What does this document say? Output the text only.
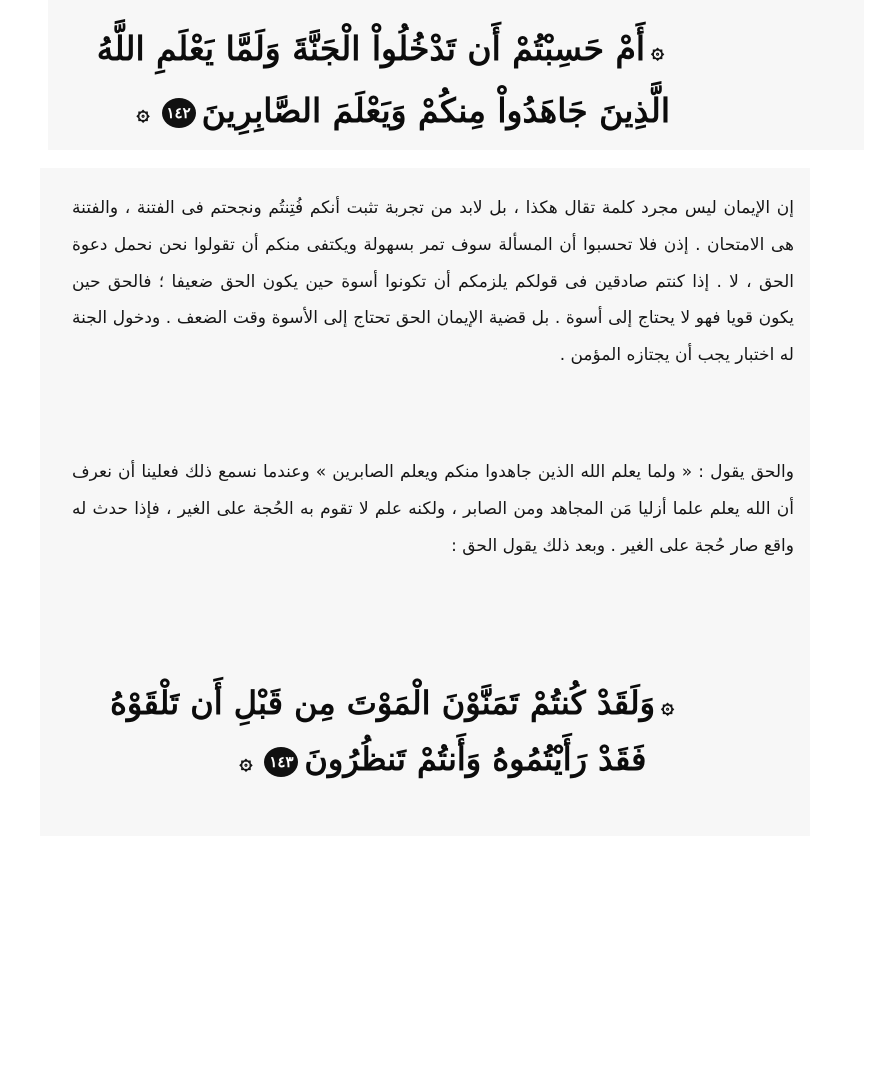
۞أَمْ حَسِبْتُمْ أَن تَدْخُلُواْ الْجَنَّةَ وَلَمَّا يَعْلَمِ اللَّهُ
الَّذِينَ جَاهَدُواْ مِنكُمْ وَيَعْلَمَ الصَّابِرِينَ١٤٢۞

إن الإيمان ليس مجرد كلمة تقال هكذا ، بل لابد من تجربة تثبت أنكم فُتِنتُم ونجحتم فى الفتنة ، والفتنة هى الامتحان . إذن فلا تحسبوا أن المسألة سوف تمر بسهولة ويكتفى منكم أن تقولوا نحن نحمل دعوة الحق ، لا . إذا كنتم صادقين فى قولكم يلزمكم أن تكونوا أسوة حين يكون الحق ضعيفا ؛ فالحق حين يكون قويا فهو لا يحتاج إلى أسوة . بل قضية الإيمان الحق تحتاج إلى الأسوة وقت الضعف . ودخول الجنة له اختبار يجب أن يجتازه المؤمن .

والحق يقول : « ولما يعلم الله الذين جاهدوا منكم ويعلم الصابرين » وعندما نسمع ذلك فعلينا أن نعرف أن الله يعلم علما أزليا مَن المجاهد ومن الصابر ، ولكنه علم لا تقوم به الحُجة على الغير ، فإذا حدث له واقع صار حُجة على الغير . وبعد ذلك يقول الحق :

۞وَلَقَدْ كُنتُمْ تَمَنَّوْنَ الْمَوْتَ مِن قَبْلِ أَن تَلْقَوْهُ
فَقَدْ رَأَيْتُمُوهُ وَأَنتُمْ تَنظُرُونَ١٤٣۞
